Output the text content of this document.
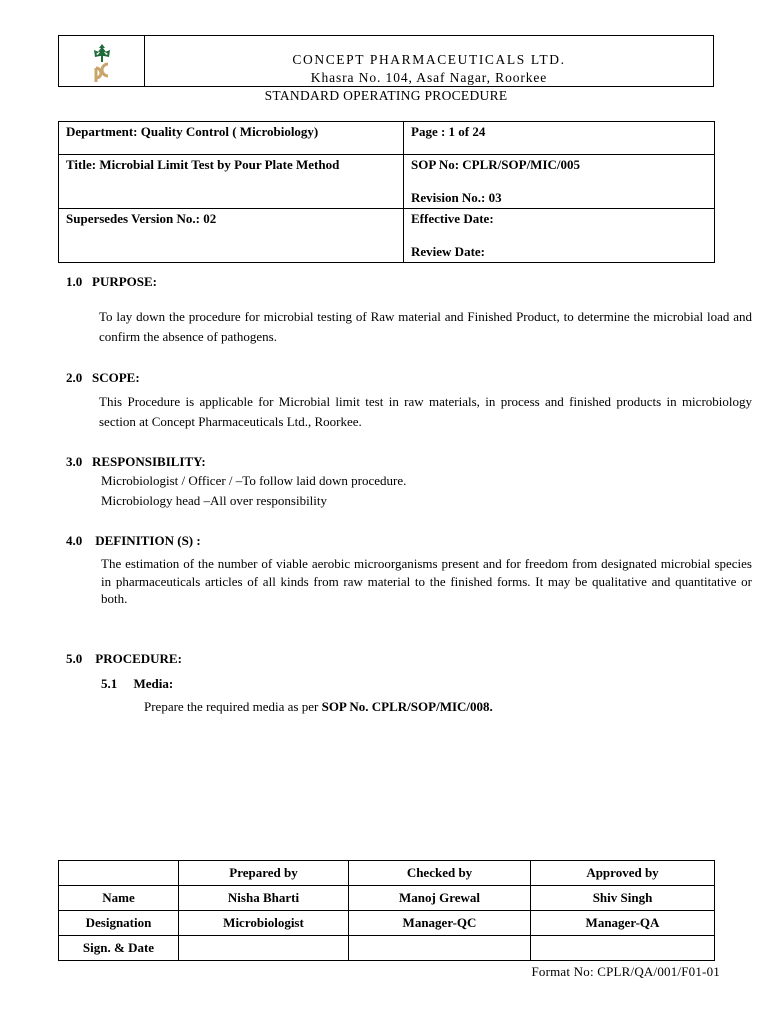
CONCEPT PHARMACEUTICALS LTD.
Khasra No. 104, Asaf Nagar, Roorkee
STANDARD OPERATING PROCEDURE
Department: Quality Control ( Microbiology)	Page : 1 of 24
Title: Microbial Limit Test by Pour Plate Method	SOP No: CPLR/SOP/MIC/005
Revision No.: 03

Supersedes Version No.: 02	Effective Date:
Review Date:
1.0 PURPOSE:
To lay down the procedure for microbial testing of Raw material and Finished Product, to determine the microbial load and confirm the absence of pathogens.
2.0 SCOPE:
This Procedure is applicable for Microbial limit test in raw materials, in process and finished products in microbiology section at Concept Pharmaceuticals Ltd., Roorkee.
3.0 RESPONSIBILITY:
Microbiologist / Officer / –To follow laid down procedure.
Microbiology head –All over responsibility
4.0 DEFINITION (S) :
The estimation of the number of viable aerobic microorganisms present and for freedom from designated microbial species in pharmaceuticals articles of all kinds from raw material to the finished forms. It may be qualitative and quantitative or both.
5.0 PROCEDURE:
5.1 Media:
Prepare the required media as per SOP No. CPLR/SOP/MIC/008.
	Prepared by	Checked by	Approved by
Name	Nisha Bharti	Manoj Grewal	Shiv Singh
Designation	Microbiologist	Manager-QC	Manager-QA
Sign. & Date			
Format No: CPLR/QA/001/F01-01
